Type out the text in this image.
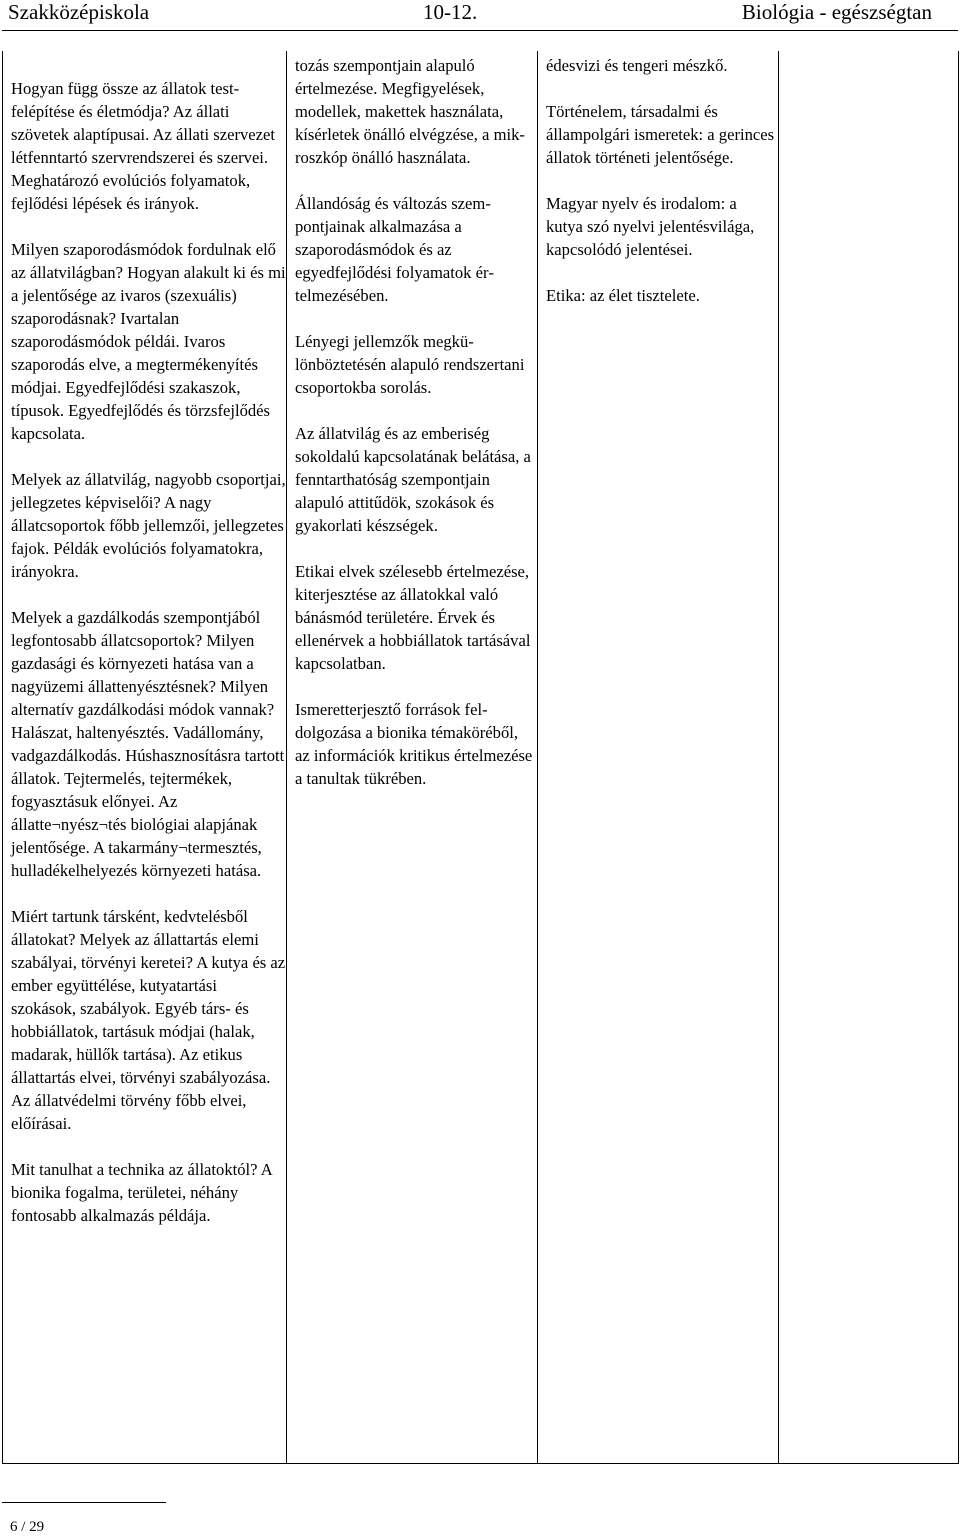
Szakközépiskola	10-12.	Biológia - egészségtan

Hogyan függ össze az állatok testfelépítése és életmódja? Az állati szövetek alaptípusai. Az állati szervezet létfenntartó szervrendszerei és szervei. Meghatározó evolúciós folyamatok, fejlődési lépések és irányok.

Milyen szaporodásmódok fordulnak elő az állatvilágban? Hogyan alakult ki és mi a jelentősége az ivaros (szexuális) szaporodásnak? Ivartalan szaporodásmódok példái. Ivaros szaporodás elve, a megtermékenyítés módjai. Egyedfejlődési szakaszok, típusok. Egyedfejlődés és törzsfejlődés kapcsolata.

Melyek az állatvilág, nagyobb csoportjai, jellegzetes képviselői? A nagy állatcsoportok főbb jellemzői, jellegzetes fajok. Példák evolúciós folyamatokra, irányokra.

Melyek a gazdálkodás szempontjából legfontosabb állatcsoportok? Milyen gazdasági és környezeti hatása van a nagyüzemi állattenyésztésnek? Milyen alternatív gazdálkodási módok vannak? Halászat, haltenyésztés. Vadállomány, vadgazdálkodás. Húshasznosításra tartott állatok. Tejtermelés, tejtermékek, fogyasztásuk előnyei. Az állatte¬nyész¬tés biológiai alapjának jelentősége. A takarmány¬termesztés, hulladékelhelyezés környezeti hatása.

Miért tartunk társként, kedvtelésből állatokat? Melyek az állattartás elemi szabályai, törvényi keretei? A kutya és az ember együttélése, kutyatartási szokások, szabályok. Egyéb társ- és hobbiállatok, tartásuk módjai (halak, madarak, hüllők tartása). Az etikus állattartás elvei, törvényi szabályozása. Az állatvédelmi törvény főbb elvei, előírásai.

Mit tanulhat a technika az állatoktól? A bionika fogalma, területei, néhány fontosabb alkalmazás példája.

tozás szempontjain alapuló értelmezése. Megfigyelések, modellek, makettek használata, kísérletek önálló elvégzése, a mikroszkóp önálló használata.

Állandóság és változás szempontjainak alkalmazása a szaporodásmódok és az egyedfejlődési folyamatok értelmezésében.

Lényegi jellemzők megkülönböztetésén alapuló rendszertani csoportokba sorolás.

Az állatvilág és az emberiség sokoldalú kapcsolatának belátása, a fenntarthatóság szempontjain alapuló attitűdök, szokások és gyakorlati készségek.

Etikai elvek szélesebb értelmezése, kiterjesztése az állatokkal való bánásmód területére. Érvek és ellenérvek a hobbiállatok tartásával kapcsolatban.

Ismeretterjesztő források feldolgozása a bionika témaköréből, az információk kritikus értelmezése a tanultak tükrében.

édesvizi és tengeri mészkő.

Történelem, társadalmi és állampolgári ismeretek: a gerinces állatok történeti jelentősége.

Magyar nyelv és irodalom: a kutya szó nyelvi jelentésvilága, kapcsolódó jelentései.

Etika: az élet tisztelete.

6 / 29
